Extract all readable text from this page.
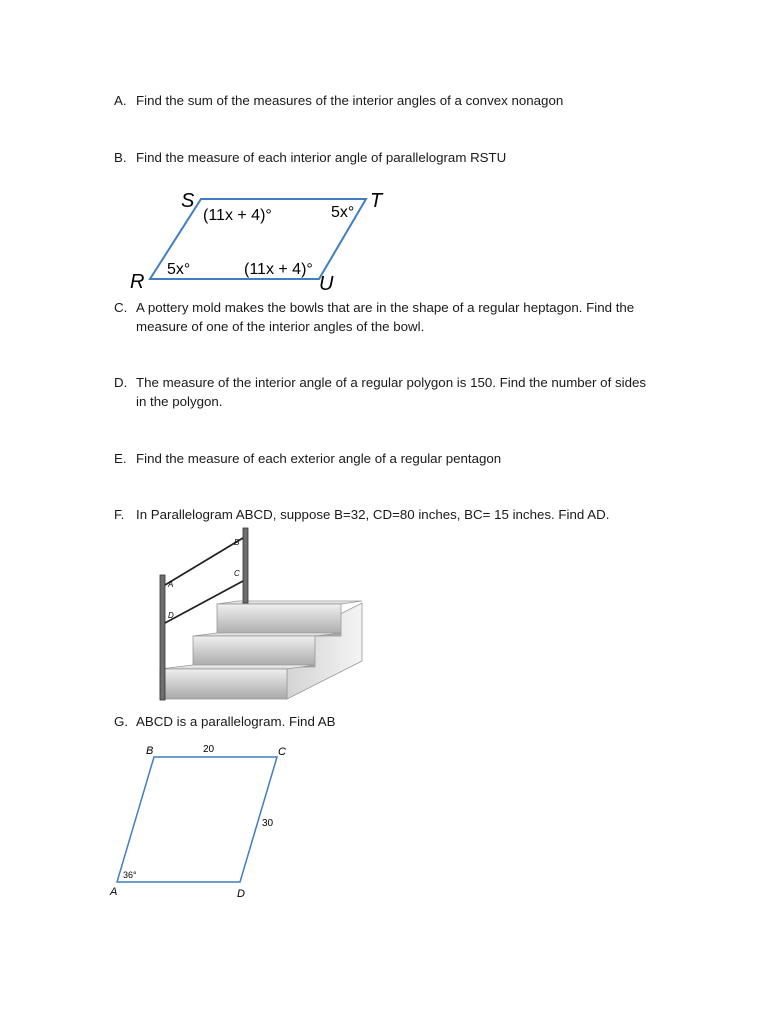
A. Find the sum of the measures of the interior angles of a convex nonagon
B. Find the measure of each interior angle of parallelogram RSTU
S	T
R	U
(11x + 4)°	5x°
5x°	(11x + 4)°
C. A pottery mold makes the bowls that are in the shape of a regular heptagon. Find the
measure of one of the interior angles of the bowl.
D. The measure of the interior angle of a regular polygon is 150. Find the number of sides
in the polygon.
E. Find the measure of each exterior angle of a regular pentagon
F. In Parallelogram ABCD, suppose B=32, CD=80 inches, BC= 15 inches. Find AD.
A
B
C
D
G. ABCD is a parallelogram. Find AB
B	C
A	D
20
30
36°
